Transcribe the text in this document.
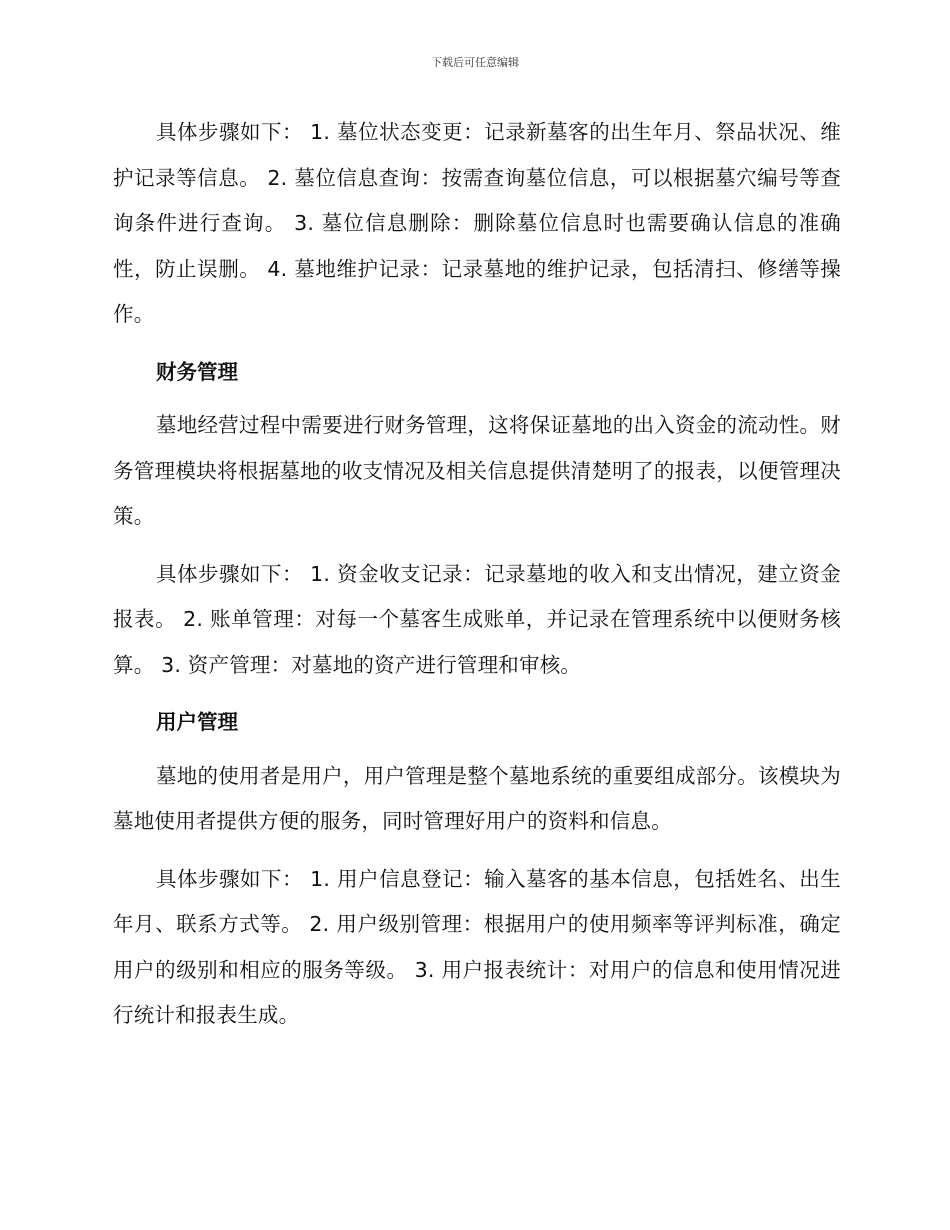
下载后可任意编辑

具体步骤如下： 1. 墓位状态变更：记录新墓客的出生年月、祭品状况、维护记录等信息。 2. 墓位信息查询：按需查询墓位信息，可以根据墓穴编号等查询条件进行查询。 3. 墓位信息删除：删除墓位信息时也需要确认信息的准确性，防止误删。 4. 墓地维护记录：记录墓地的维护记录，包括清扫、修缮等操作。

财务管理

墓地经营过程中需要进行财务管理，这将保证墓地的出入资金的流动性。财务管理模块将根据墓地的收支情况及相关信息提供清楚明了的报表，以便管理决策。

具体步骤如下： 1. 资金收支记录：记录墓地的收入和支出情况，建立资金报表。 2. 账单管理：对每一个墓客生成账单，并记录在管理系统中以便财务核算。 3. 资产管理：对墓地的资产进行管理和审核。

用户管理

墓地的使用者是用户，用户管理是整个墓地系统的重要组成部分。该模块为墓地使用者提供方便的服务，同时管理好用户的资料和信息。

具体步骤如下： 1. 用户信息登记：输入墓客的基本信息，包括姓名、出生年月、联系方式等。 2. 用户级别管理：根据用户的使用频率等评判标准，确定用户的级别和相应的服务等级。 3. 用户报表统计：对用户的信息和使用情况进行统计和报表生成。
